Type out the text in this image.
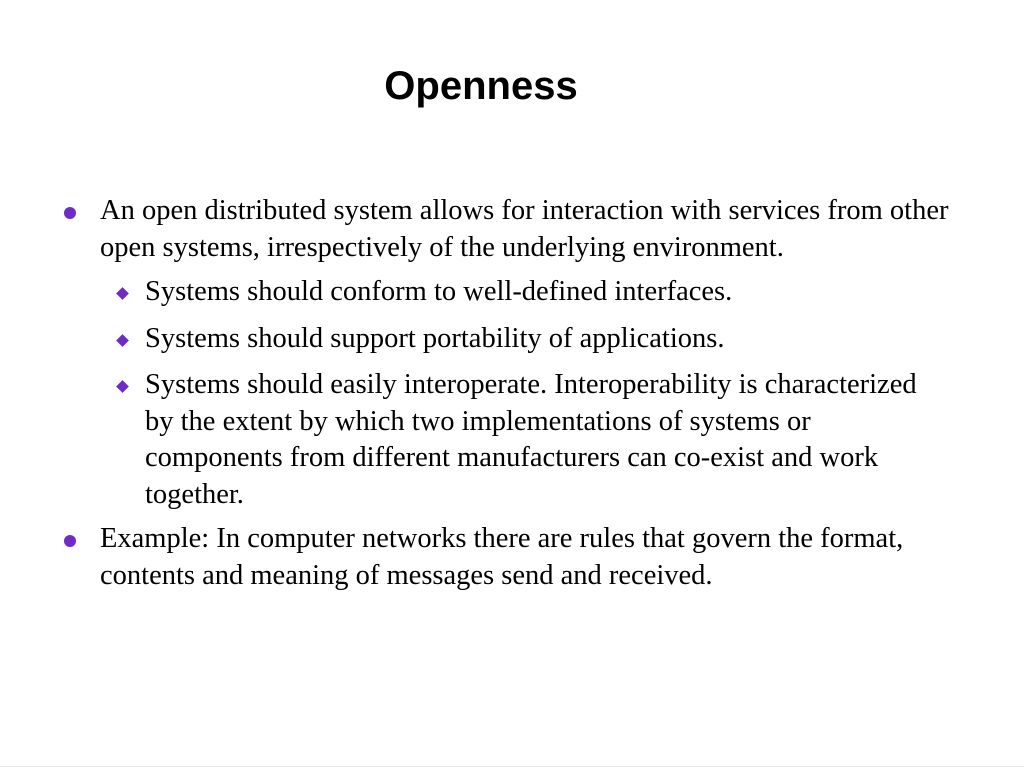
Openness
An open distributed system allows for interaction with services from other open systems, irrespectively of the underlying environment.
Systems should conform to well-defined interfaces.
Systems should support portability of applications.
Systems should easily interoperate. Interoperability is characterized by the extent by which two implementations of systems or components from different manufacturers can co-exist and work together.
Example: In computer networks there are rules that govern the format, contents and meaning of messages send and received.
